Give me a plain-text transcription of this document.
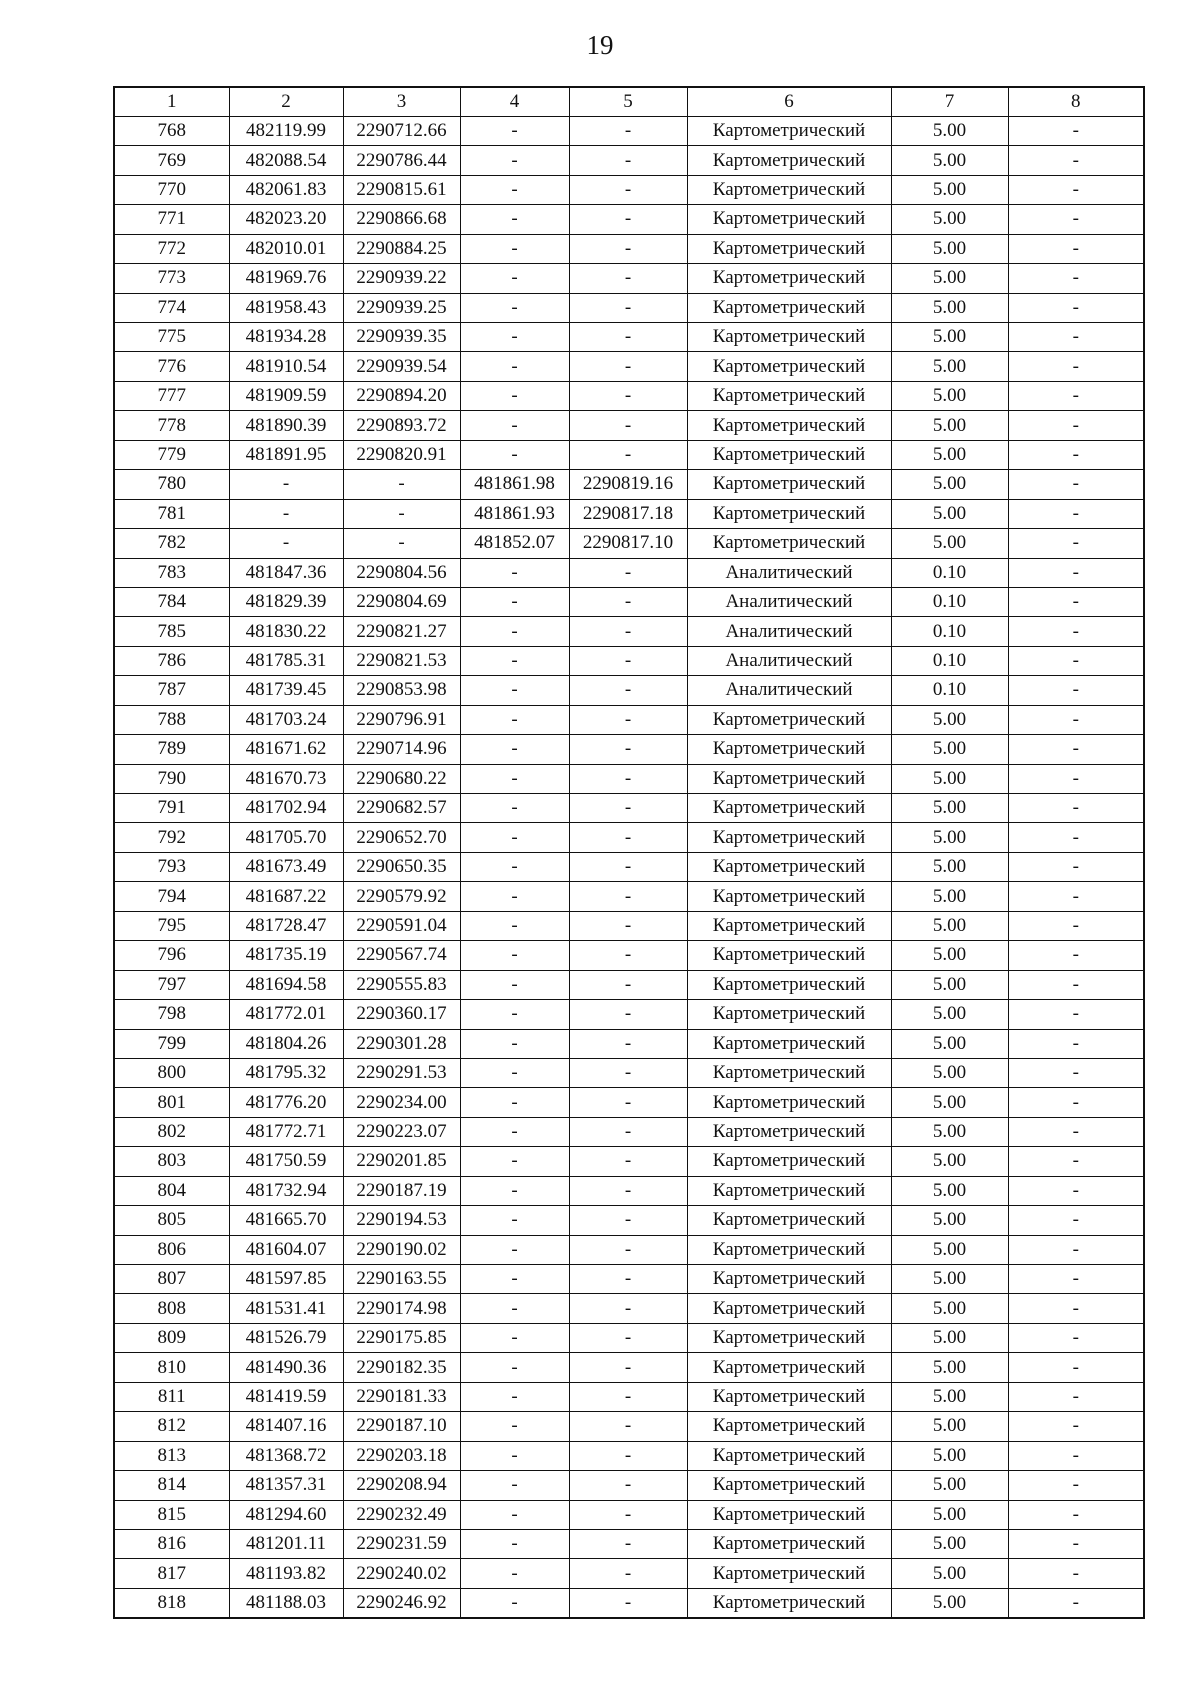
19
1	2	3	4	5	6	7	8
768	482119.99	2290712.66	-	-	Картометрический	5.00	-
769	482088.54	2290786.44	-	-	Картометрический	5.00	-
770	482061.83	2290815.61	-	-	Картометрический	5.00	-
771	482023.20	2290866.68	-	-	Картометрический	5.00	-
772	482010.01	2290884.25	-	-	Картометрический	5.00	-
773	481969.76	2290939.22	-	-	Картометрический	5.00	-
774	481958.43	2290939.25	-	-	Картометрический	5.00	-
775	481934.28	2290939.35	-	-	Картометрический	5.00	-
776	481910.54	2290939.54	-	-	Картометрический	5.00	-
777	481909.59	2290894.20	-	-	Картометрический	5.00	-
778	481890.39	2290893.72	-	-	Картометрический	5.00	-
779	481891.95	2290820.91	-	-	Картометрический	5.00	-
780	-	-	481861.98	2290819.16	Картометрический	5.00	-
781	-	-	481861.93	2290817.18	Картометрический	5.00	-
782	-	-	481852.07	2290817.10	Картометрический	5.00	-
783	481847.36	2290804.56	-	-	Аналитический	0.10	-
784	481829.39	2290804.69	-	-	Аналитический	0.10	-
785	481830.22	2290821.27	-	-	Аналитический	0.10	-
786	481785.31	2290821.53	-	-	Аналитический	0.10	-
787	481739.45	2290853.98	-	-	Аналитический	0.10	-
788	481703.24	2290796.91	-	-	Картометрический	5.00	-
789	481671.62	2290714.96	-	-	Картометрический	5.00	-
790	481670.73	2290680.22	-	-	Картометрический	5.00	-
791	481702.94	2290682.57	-	-	Картометрический	5.00	-
792	481705.70	2290652.70	-	-	Картометрический	5.00	-
793	481673.49	2290650.35	-	-	Картометрический	5.00	-
794	481687.22	2290579.92	-	-	Картометрический	5.00	-
795	481728.47	2290591.04	-	-	Картометрический	5.00	-
796	481735.19	2290567.74	-	-	Картометрический	5.00	-
797	481694.58	2290555.83	-	-	Картометрический	5.00	-
798	481772.01	2290360.17	-	-	Картометрический	5.00	-
799	481804.26	2290301.28	-	-	Картометрический	5.00	-
800	481795.32	2290291.53	-	-	Картометрический	5.00	-
801	481776.20	2290234.00	-	-	Картометрический	5.00	-
802	481772.71	2290223.07	-	-	Картометрический	5.00	-
803	481750.59	2290201.85	-	-	Картометрический	5.00	-
804	481732.94	2290187.19	-	-	Картометрический	5.00	-
805	481665.70	2290194.53	-	-	Картометрический	5.00	-
806	481604.07	2290190.02	-	-	Картометрический	5.00	-
807	481597.85	2290163.55	-	-	Картометрический	5.00	-
808	481531.41	2290174.98	-	-	Картометрический	5.00	-
809	481526.79	2290175.85	-	-	Картометрический	5.00	-
810	481490.36	2290182.35	-	-	Картометрический	5.00	-
811	481419.59	2290181.33	-	-	Картометрический	5.00	-
812	481407.16	2290187.10	-	-	Картометрический	5.00	-
813	481368.72	2290203.18	-	-	Картометрический	5.00	-
814	481357.31	2290208.94	-	-	Картометрический	5.00	-
815	481294.60	2290232.49	-	-	Картометрический	5.00	-
816	481201.11	2290231.59	-	-	Картометрический	5.00	-
817	481193.82	2290240.02	-	-	Картометрический	5.00	-
818	481188.03	2290246.92	-	-	Картометрический	5.00	-
